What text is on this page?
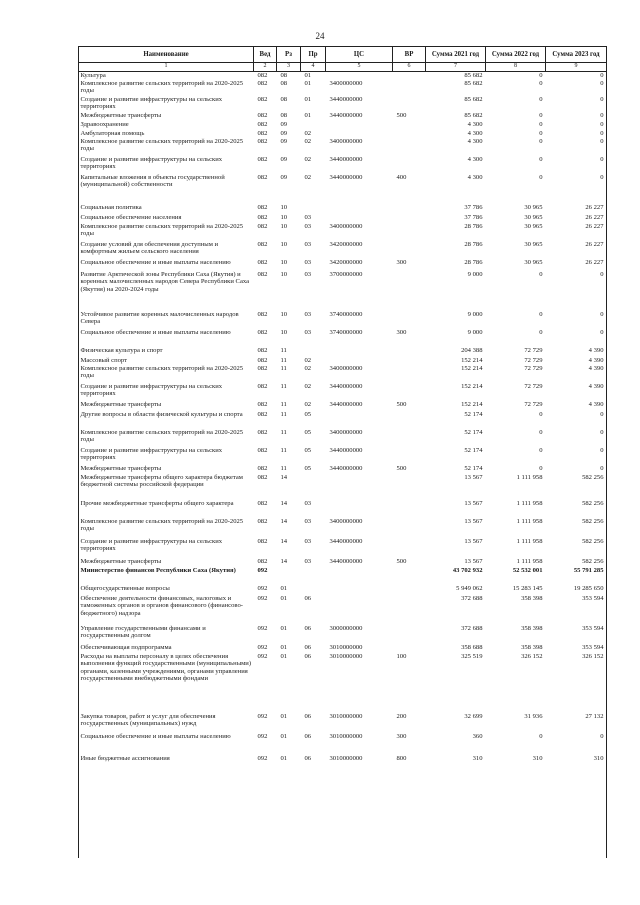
24
Наименование	Вед	Рз	Пр	ЦС	ВР	Сумма 2021 год	Сумма 2022 год	Сумма 2023 год
1	2	3	4	5	6	7	8	9
Культура	082	08	01			85 682	0	0
Комплексное развитие сельских территорий на 2020-2025 годы	082	08	01	3400000000		85 682	0	0
Создание и развитие инфраструктуры на сельских территориях	082	08	01	3440000000		85 682	0	0
Межбюджетные трансферты	082	08	01	3440000000	500	85 682	0	0
Здравоохранение	082	09				4 300	0	0
Амбулаторная помощь	082	09	02			4 300	0	0
Комплексное развитие сельских территорий на 2020-2025 годы	082	09	02	3400000000		4 300	0	0
Создание и развитие инфраструктуры на сельских территориях	082	09	02	3440000000		4 300	0	0
Капитальные вложения в объекты государственной (муниципальной) собственности	082	09	02	3440000000	400	4 300	0	0

Социальная политика	082	10				37 786	30 965	26 227
Социальное обеспечение населения	082	10	03			37 786	30 965	26 227
Комплексное развитие сельских территорий на 2020-2025 годы	082	10	03	3400000000		28 786	30 965	26 227
Создание условий для обеспечения доступным и комфортным жильем сельского населения	082	10	03	3420000000		28 786	30 965	26 227
Социальное обеспечение и иные выплаты населению	082	10	03	3420000000	300	28 786	30 965	26 227
Развитие Арктической зоны Республики Саха (Якутия) и коренных малочисленных народов Севера Республики Саха (Якутия) на 2020-2024 годы	082	10	03	3700000000		9 000	0	0

Устойчивое развитие коренных малочисленных народов Севера	082	10	03	3740000000		9 000	0	0
Социальное обеспечение и иные выплаты населению	082	10	03	3740000000	300	9 000	0	0

Физическая культура и спорт	082	11				204 388	72 729	4 390
Массовый спорт	082	11	02			152 214	72 729	4 390
Комплексное развитие сельских территорий на 2020-2025 годы	082	11	02	3400000000		152 214	72 729	4 390
Создание и развитие инфраструктуры на сельских территориях	082	11	02	3440000000		152 214	72 729	4 390
Межбюджетные трансферты	082	11	02	3440000000	500	152 214	72 729	4 390
Другие вопросы в области физической культуры и спорта	082	11	05			52 174	0	0
Комплексное развитие сельских территорий на 2020-2025 годы	082	11	05	3400000000		52 174	0	0
Создание и развитие инфраструктуры на сельских территориях	082	11	05	3440000000		52 174	0	0
Межбюджетные трансферты	082	11	05	3440000000	500	52 174	0	0
Межбюджетные трансферты общего характера бюджетам бюджетной системы российской федерации	082	14				13 567	1 111 958	582 256
Прочие межбюджетные трансферты общего характера	082	14	03			13 567	1 111 958	582 256

Комплексное развитие сельских территорий на 2020-2025 годы	082	14	03	3400000000		13 567	1 111 958	582 256
Создание и развитие инфраструктуры на сельских территориях	082	14	03	3440000000		13 567	1 111 958	582 256
Межбюджетные трансферты	082	14	03	3440000000	500	13 567	1 111 958	582 256
Министерство финансов Республики Саха (Якутия)	092					43 702 932	52 532 001	55 791 285
Общегосударственные вопросы	092	01				5 949 062	15 283 145	19 285 650
Обеспечение деятельности финансовых, налоговых и таможенных органов и органов финансового (финансово-бюджетного) надзора	092	01	06			372 688	358 398	353 594
Управление государственными финансами и государственным долгом	092	01	06	3000000000		372 688	358 398	353 594
Обеспечивающая подпрограмма	092	01	06	3010000000		358 688	358 398	353 594
Расходы на выплаты персоналу в целях обеспечения выполнения функций государственными (муниципальными) органами, казенными учреждениями, органами управления государственными внебюджетными фондами	092	01	06	3010000000	100	325 519	326 152	326 152

Закупка товаров, работ и услуг для обеспечения государственных (муниципальных) нужд	092	01	06	3010000000	200	32 699	31 936	27 132
Социальное обеспечение и иные выплаты населению	092	01	06	3010000000	300	360	0	0

Иные бюджетные ассигнования	092	01	06	3010000000	800	310	310	310
